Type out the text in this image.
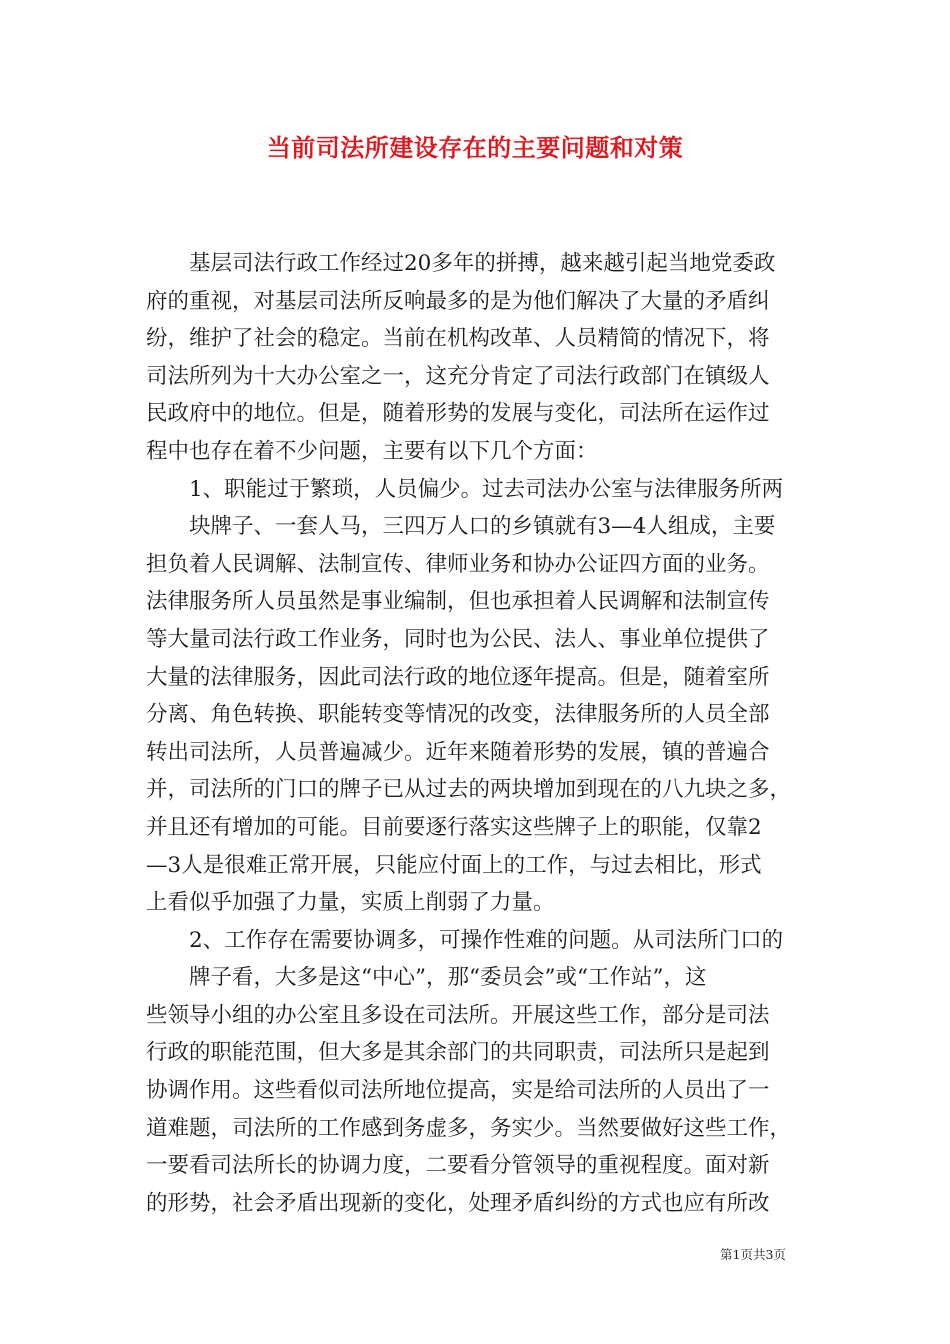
当前司法所建设存在的主要问题和对策
基层司法行政工作经过20多年的拼搏，越来越引起当地党委政
府的重视，对基层司法所反响最多的是为他们解决了大量的矛盾纠
纷，维护了社会的稳定。当前在机构改革、人员精简的情况下，将
司法所列为十大办公室之一，这充分肯定了司法行政部门在镇级人
民政府中的地位。但是，随着形势的发展与变化，司法所在运作过
程中也存在着不少问题，主要有以下几个方面：
1、职能过于繁琐，人员偏少。过去司法办公室与法律服务所两
块牌子、一套人马，三四万人口的乡镇就有3—4人组成，主要
担负着人民调解、法制宣传、律师业务和协办公证四方面的业务。
法律服务所人员虽然是事业编制，但也承担着人民调解和法制宣传
等大量司法行政工作业务，同时也为公民、法人、事业单位提供了
大量的法律服务，因此司法行政的地位逐年提高。但是，随着室所
分离、角色转换、职能转变等情况的改变，法律服务所的人员全部
转出司法所，人员普遍减少。近年来随着形势的发展，镇的普遍合
并，司法所的门口的牌子已从过去的两块增加到现在的八九块之多，
并且还有增加的可能。目前要逐行落实这些牌子上的职能，仅靠2
—3人是很难正常开展，只能应付面上的工作，与过去相比，形式
上看似乎加强了力量，实质上削弱了力量。
2、工作存在需要协调多，可操作性难的问题。从司法所门口的
牌子看，大多是这“中心”，那“委员会”或“工作站”，这
些领导小组的办公室且多设在司法所。开展这些工作，部分是司法
行政的职能范围，但大多是其余部门的共同职责，司法所只是起到
协调作用。这些看似司法所地位提高，实是给司法所的人员出了一
道难题，司法所的工作感到务虚多，务实少。当然要做好这些工作，
一要看司法所长的协调力度，二要看分管领导的重视程度。面对新
的形势，社会矛盾出现新的变化，处理矛盾纠纷的方式也应有所改
第1页共3页
